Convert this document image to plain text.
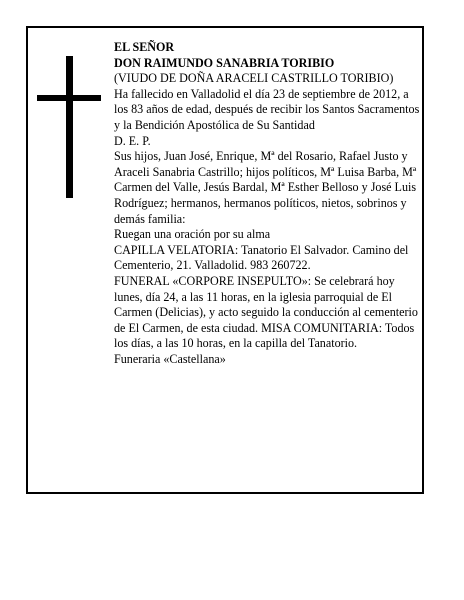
EL SEÑOR

DON RAIMUNDO SANABRIA TORIBIO

(VIUDO DE DOÑA ARACELI CASTRILLO TORIBIO)

Ha fallecido en Valladolid el día 23 de septiembre de 2012, a los 83 años de edad, después de recibir los Santos Sacramentos y la Bendición Apostólica de Su Santidad

D. E. P.

Sus hijos, Juan José, Enrique, Mª del Rosario, Rafael Justo y Araceli Sanabria Castrillo; hijos políticos, Mª Luisa Barba, Mª Carmen del Valle, Jesús Bardal, Mª Esther Belloso y José Luis Rodríguez; hermanos, hermanos políticos, nietos, sobrinos y demás familia:

Ruegan una oración por su alma

CAPILLA VELATORIA: Tanatorio El Salvador. Camino del Cementerio, 21. Valladolid. 983 260722.

FUNERAL «CORPORE INSEPULTO»: Se celebrará hoy lunes, día 24, a las 11 horas, en la iglesia parroquial de El Carmen (Delicias), y acto seguido la conducción al cementerio de El Carmen, de esta ciudad. MISA COMUNITARIA: Todos los días, a las 10 horas, en la capilla del Tanatorio.

Funeraria «Castellana»
